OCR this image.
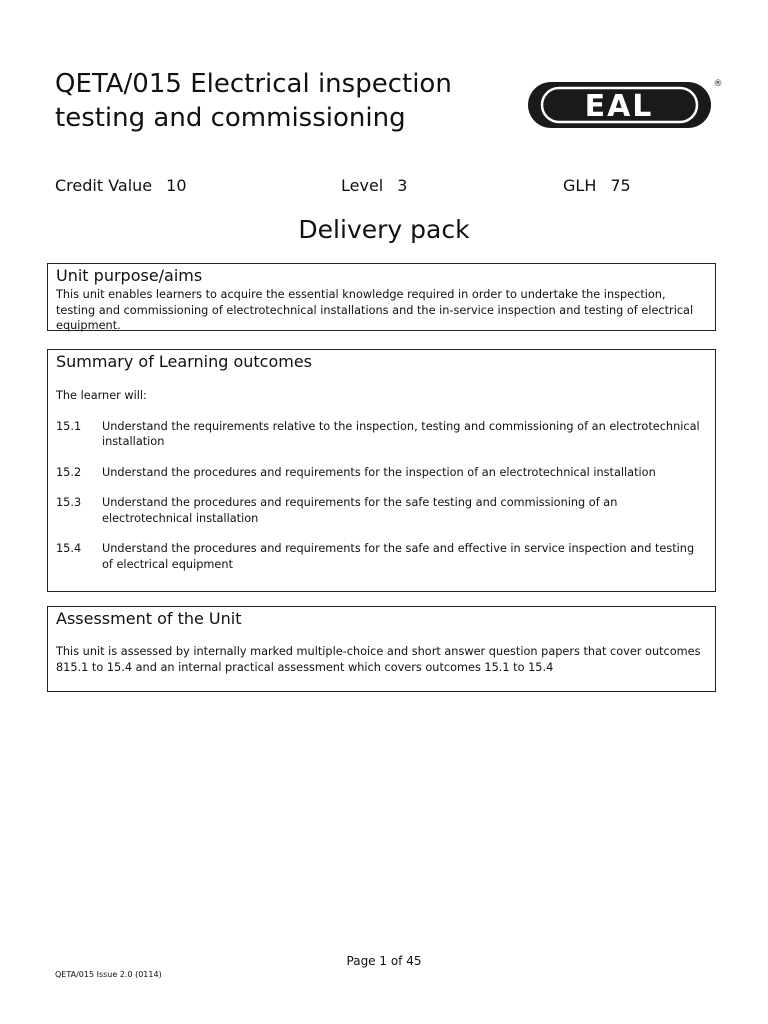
QETA/015 Electrical inspection
testing and commissioning	EAL
®
Credit Value 10	Level 3	GLH 75
Delivery pack
Unit purpose/aims

This unit enables learners to acquire the essential knowledge required in order to undertake the inspection, testing and commissioning of electrotechnical installations and the in-service inspection and testing of electrical equipment.

Summary of Learning outcomes

The learner will:

15.1	Understand the requirements relative to the inspection, testing and commissioning of an electrotechnical installation
15.2	Understand the procedures and requirements for the inspection of an electrotechnical installation
15.3	Understand the procedures and requirements for the safe testing and commissioning of an electrotechnical installation
15.4	Understand the procedures and requirements for the safe and effective in service inspection and testing of electrical equipment
Assessment of the Unit

This unit is assessed by internally marked multiple-choice and short answer question papers that cover outcomes 815.1 to 15.4 and an internal practical assessment which covers outcomes 15.1 to 15.4

Page 1 of 45
QETA/015 Issue 2.0 (0114)
